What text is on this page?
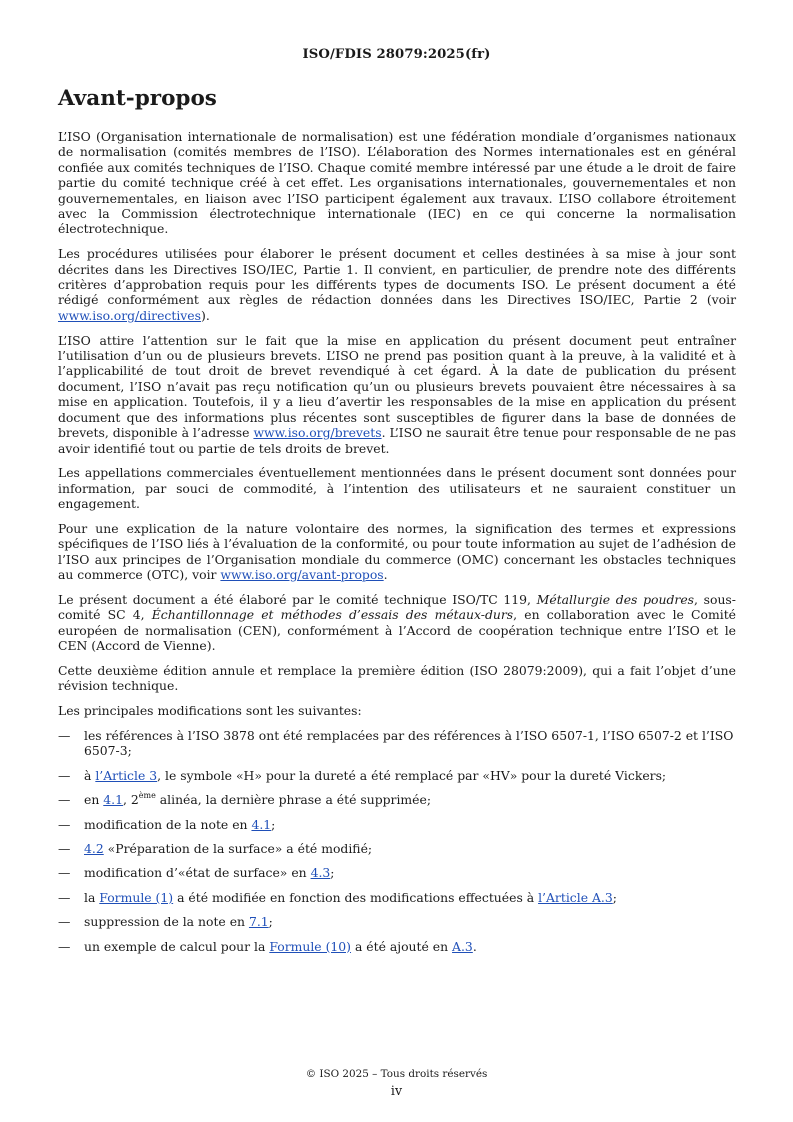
ISO/FDIS 28079:2025(fr)
Avant-propos

L’ISO (Organisation internationale de normalisation) est une fédération mondiale d’organismes nationaux de normalisation (comités membres de l’ISO). L’élaboration des Normes internationales est en général confiée aux comités techniques de l’ISO. Chaque comité membre intéressé par une étude a le droit de faire partie du comité technique créé à cet effet. Les organisations internationales, gouvernementales et non gouvernementales, en liaison avec l’ISO participent également aux travaux. L’ISO collabore étroitement avec la Commission électrotechnique internationale (IEC) en ce qui concerne la normalisation électrotechnique.

Les procédures utilisées pour élaborer le présent document et celles destinées à sa mise à jour sont décrites dans les Directives ISO/IEC, Partie 1. Il convient, en particulier, de prendre note des différents critères d’approbation requis pour les différents types de documents ISO. Le présent document a été rédigé conformément aux règles de rédaction données dans les Directives ISO/IEC, Partie 2 (voir www.iso.org/directives).

L’ISO attire l’attention sur le fait que la mise en application du présent document peut entraîner l’utilisation d’un ou de plusieurs brevets. L’ISO ne prend pas position quant à la preuve, à la validité et à l’applicabilité de tout droit de brevet revendiqué à cet égard. À la date de publication du présent document, l’ISO n’avait pas reçu notification qu’un ou plusieurs brevets pouvaient être nécessaires à sa mise en application. Toutefois, il y a lieu d’avertir les responsables de la mise en application du présent document que des informations plus récentes sont susceptibles de figurer dans la base de données de brevets, disponible à l’adresse www.iso.org/brevets. L’ISO ne saurait être tenue pour responsable de ne pas avoir identifié tout ou partie de tels droits de brevet.

Les appellations commerciales éventuellement mentionnées dans le présent document sont données pour information, par souci de commodité, à l’intention des utilisateurs et ne sauraient constituer un engagement.

Pour une explication de la nature volontaire des normes, la signification des termes et expressions spécifiques de l’ISO liés à l’évaluation de la conformité, ou pour toute information au sujet de l’adhésion de l’ISO aux principes de l’Organisation mondiale du commerce (OMC) concernant les obstacles techniques au commerce (OTC), voir www.iso.org/avant-propos.

Le présent document a été élaboré par le comité technique ISO/TC 119, Métallurgie des poudres, sous-comité SC 4, Échantillonnage et méthodes d’essais des métaux-durs, en collaboration avec le Comité européen de normalisation (CEN), conformément à l’Accord de coopération technique entre l’ISO et le CEN (Accord de Vienne).

Cette deuxième édition annule et remplace la première édition (ISO 28079:2009), qui a fait l’objet d’une révision technique.

Les principales modifications sont les suivantes:

—	les références à l’ISO 3878 ont été remplacées par des références à l’ISO 6507-1, l’ISO 6507-2 et l’ISO 6507-3;
—	à l’Article 3, le symbole «H» pour la dureté a été remplacé par «HV» pour la dureté Vickers;
—	en 4.1, 2ème alinéa, la dernière phrase a été supprimée;
—	modification de la note en 4.1;
—	4.2 «Préparation de la surface» a été modifié;
—	modification d’«état de surface» en 4.3;
—	la Formule (1) a été modifiée en fonction des modifications effectuées à l’Article A.3;
—	suppression de la note en 7.1;
—	un exemple de calcul pour la Formule (10) a été ajouté en A.3.
© ISO 2025 – Tous droits réservés
iv
